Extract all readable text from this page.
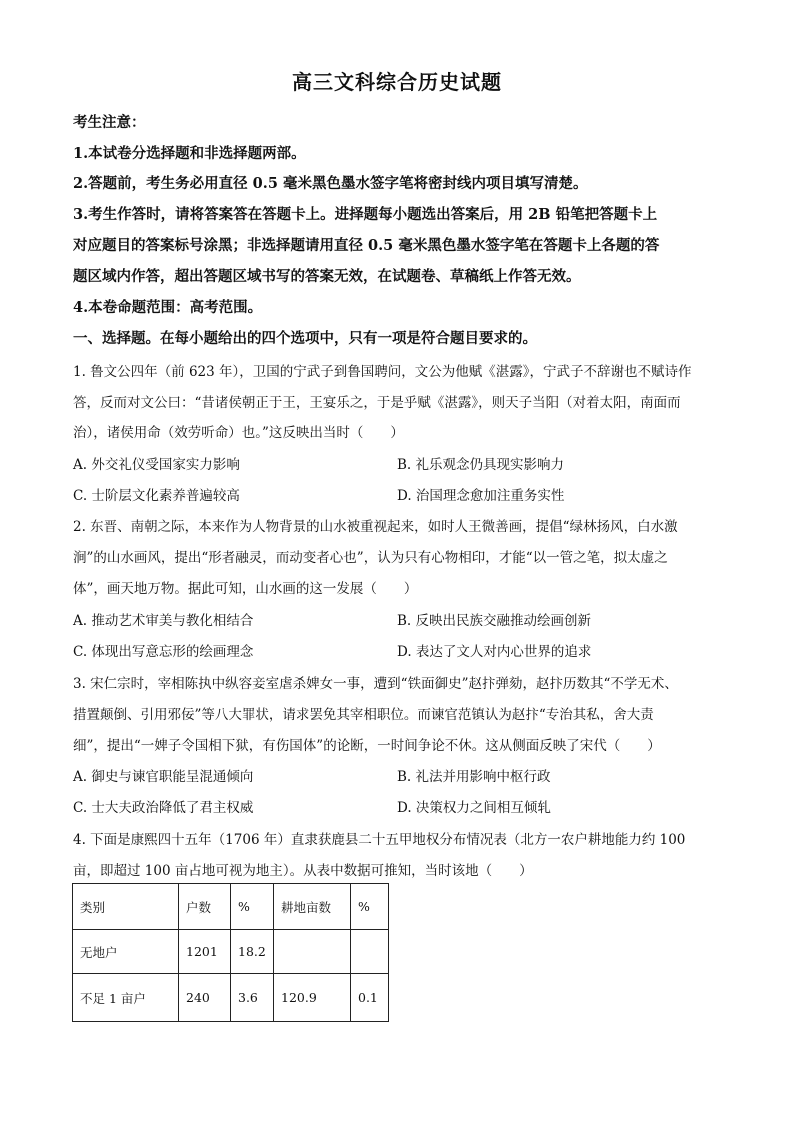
高三文科综合历史试题
考生注意：
1.本试卷分选择题和非选择题两部。
2.答题前，考生务必用直径 0.5 毫米黑色墨水签字笔将密封线内项目填写清楚。
3.考生作答时，请将答案答在答题卡上。进择题每小题选出答案后，用 2B 铅笔把答题卡上
对应题目的答案标号涂黑；非选择题请用直径 0.5 毫米黑色墨水签字笔在答题卡上各题的答
题区域内作答，超出答题区域书写的答案无效，在试题卷、草稿纸上作答无效。
4.本卷命题范围：高考范围。
一、选择题。在每小题给出的四个选项中，只有一项是符合题目要求的。
1. 鲁文公四年（前 623 年），卫国的宁武子到鲁国聘问，文公为他赋《湛露》，宁武子不辞谢也不赋诗作
答，反而对文公曰：“昔诸侯朝正于王，王宴乐之，于是乎赋《湛露》，则天子当阳（对着太阳，南面而
治），诸侯用命（效劳听命）也。”这反映出当时（　　）
A. 外交礼仪受国家实力影响	B. 礼乐观念仍具现实影响力
C. 士阶层文化素养普遍较高	D. 治国理念愈加注重务实性
2. 东晋、南朝之际，本来作为人物背景的山水被重视起来，如时人王微善画，提倡“绿林扬风，白水激
涧”的山水画风，提出“形者融灵，而动变者心也”，认为只有心物相印，才能“以一管之笔，拟太虚之
体”，画天地万物。据此可知，山水画的这一发展（　　）
A. 推动艺术审美与教化相结合	B. 反映出民族交融推动绘画创新
C. 体现出写意忘形的绘画理念	D. 表达了文人对内心世界的追求
3. 宋仁宗时，宰相陈执中纵容妾室虐杀婢女一事，遭到“铁面御史”赵抃弹劾，赵抃历数其“不学无术、
措置颠倒、引用邪佞”等八大罪状，请求罢免其宰相职位。而谏官范镇认为赵抃“专治其私，舍大责
细”，提出“一婢子令国相下狱，有伤国体”的论断，一时间争论不休。这从侧面反映了宋代（　　）
A. 御史与谏官职能呈混通倾向	B. 礼法并用影响中枢行政
C. 士大夫政治降低了君主权威	D. 决策权力之间相互倾轧
4. 下面是康熙四十五年（1706 年）直隶获鹿县二十五甲地权分布情况表（北方一农户耕地能力约 100
亩，即超过 100 亩占地可视为地主）。从表中数据可推知，当时该地（　　）
类别	户数	%	耕地亩数	%
无地户	1201	18.2		
不足 1 亩户	240	3.6	120.9	0.1
